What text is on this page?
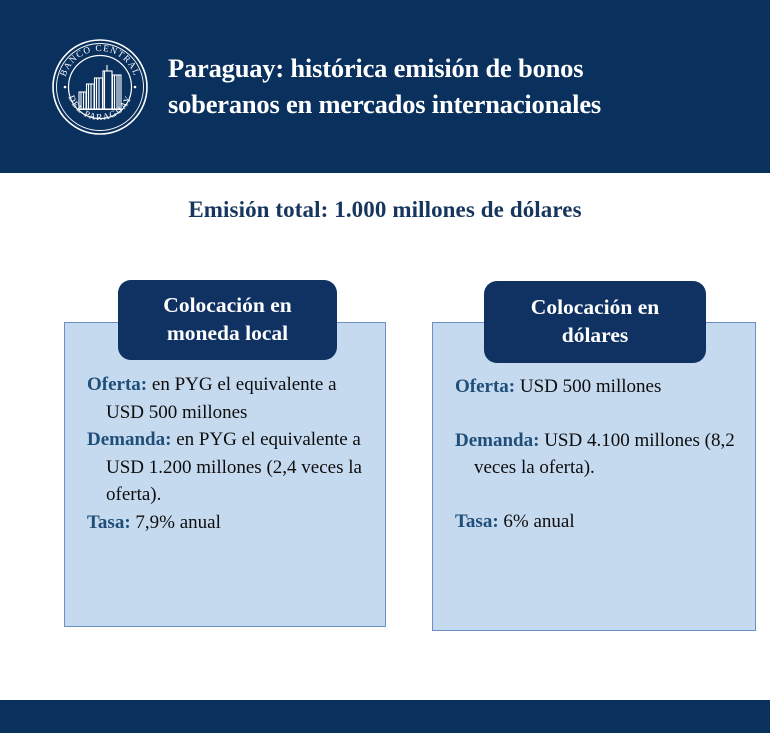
BANCO CENTRAL
DEL PARAGUAY
Paraguay: histórica emisión de bonos
soberanos en mercados internacionales
Emisión total: 1.000 millones de dólares

Oferta: en PYG el equivalente a USD 500 millones

Demanda: en PYG el equivalente a USD 1.200 millones (2,4 veces la oferta).

Tasa: 7,9% anual

Oferta: USD 500 millones

Demanda: USD 4.100 millones (8,2 veces la oferta).

Tasa: 6% anual

Colocación en
moneda local
Colocación en
dólares
